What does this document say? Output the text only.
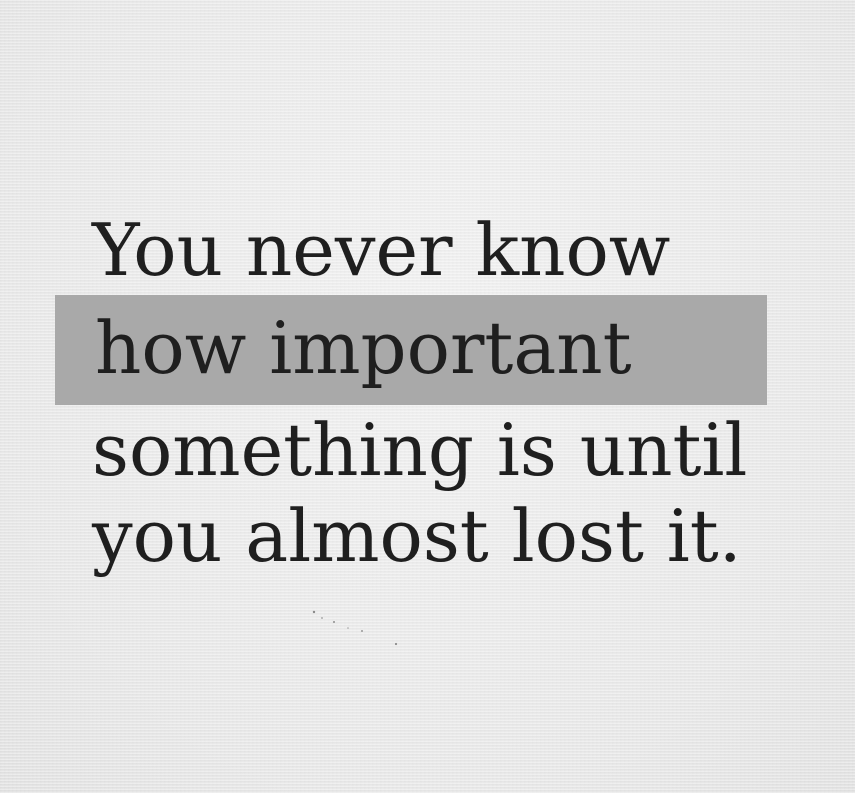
You never know
how important
something is until
you almost lost it.
